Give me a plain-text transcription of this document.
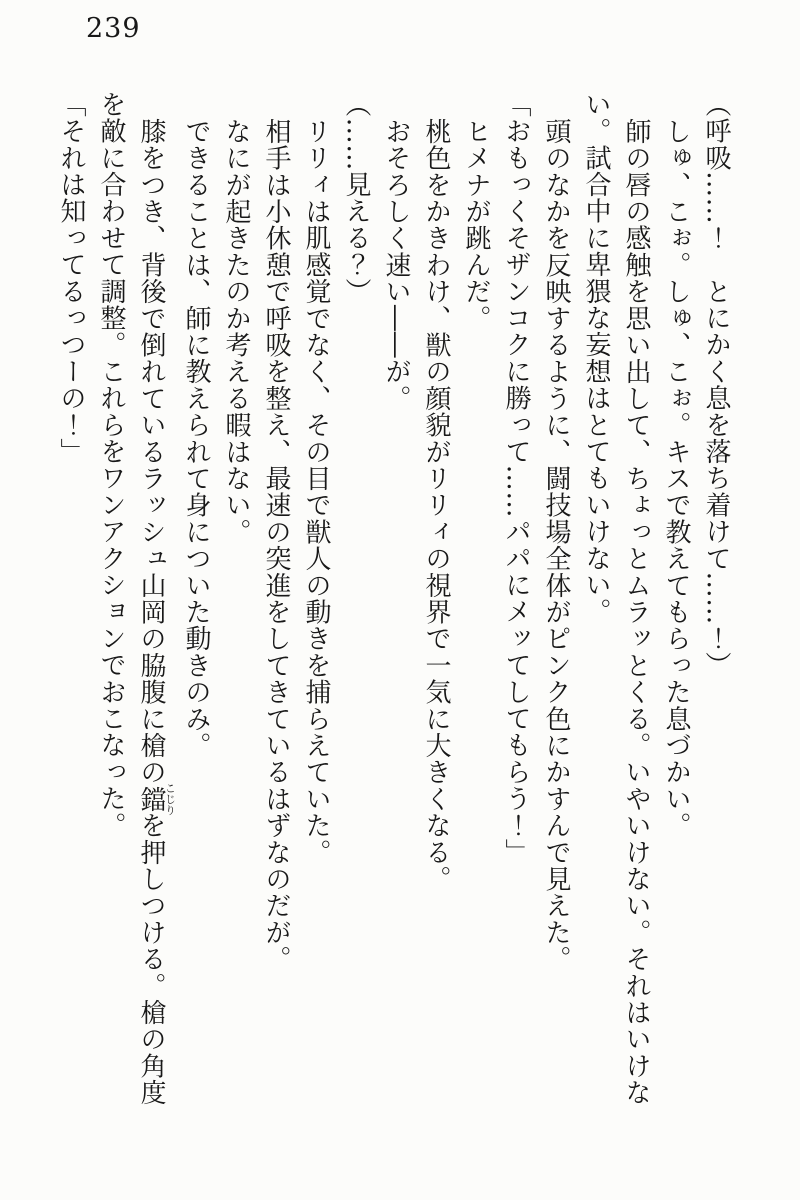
239
（呼吸……！　とにかく息を落ち着けて……！）
しゅ、こぉ。しゅ、こぉ。キスで教えてもらった息づかい。
師の唇の感触を思い出して、ちょっとムラッとくる。いやいけない。それはいけな
い。試合中に卑猥な妄想はとてもいけない。
頭のなかを反映するように、闘技場全体がピンク色にかすんで見えた。
「おもっくそザンコクに勝って……パパにメッてしてもらう！」
ヒメナが跳んだ。
桃色をかきわけ、獣の顔貌がリリィの視界で一気に大きくなる。
おそろしく速い――が。
（……見える？）
リリィは肌感覚でなく、その目で獣人の動きを捕らえていた。
相手は小休憩で呼吸を整え、最速の突進をしてきているはずなのだが。
なにが起きたのか考える暇はない。
できることは、師に教えられて身についた動きのみ。
膝をつき、背後で倒れているラッシュ山岡の脇腹に槍の鐺こじりを押しつける。槍の角度
を敵に合わせて調整。これらをワンアクションでおこなった。
「それは知ってるっつーの！」
